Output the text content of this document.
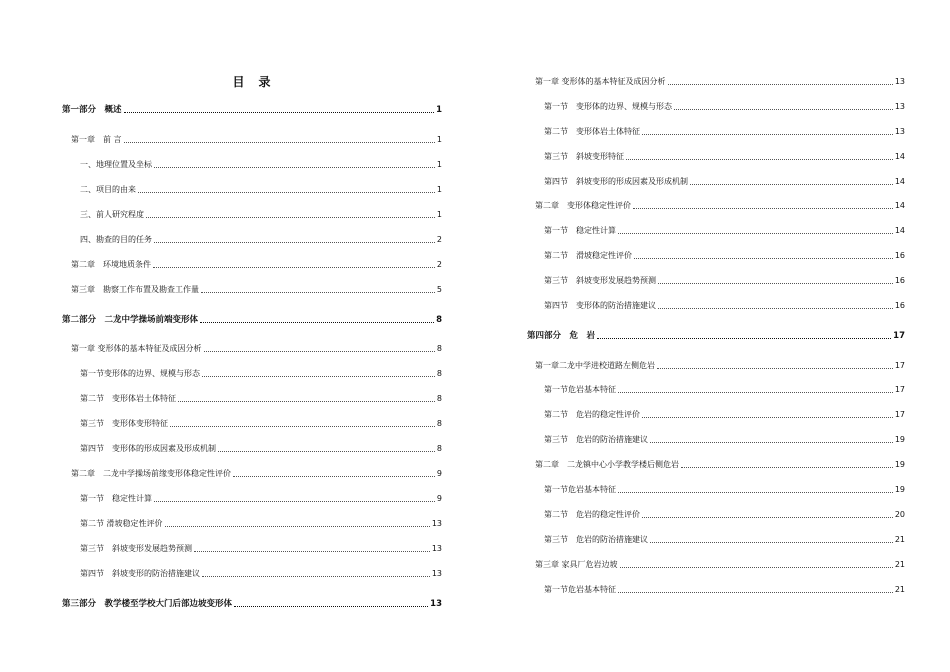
目　录
第一部分　概述	1
第一章　前 言	1
一、地理位置及坐标	1
二、项目的由来	1
三、前人研究程度	1
四、勘查的目的任务	2
第二章　环境地质条件	2
第三章　勘察工作布置及勘查工作量	5
第二部分　二龙中学操场前端变形体	8
第一章 变形体的基本特征及成因分析	8
第一节变形体的边界、规模与形态	8
第二节　变形体岩土体特征	8
第三节　变形体变形特征	8
第四节　变形体的形成因素及形成机制	8
第二章　二龙中学操场前缘变形体稳定性评价	9
第一节　稳定性计算	9
第二节 滑坡稳定性评价	13
第三节　斜坡变形发展趋势预测	13
第四节　斜坡变形的防治措施建议	13
第三部分　教学楼至学校大门后部边坡变形体	13
第一章 变形体的基本特征及成因分析	13
第一节　变形体的边界、规模与形态	13
第二节　变形体岩土体特征	13
第三节　斜坡变形特征	14
第四节　斜坡变形的形成因素及形成机制	14
第二章　变形体稳定性评价	14
第一节　稳定性计算	14
第二节　滑坡稳定性评价	16
第三节　斜坡变形发展趋势预测	16
第四节　变形体的防治措施建议	16
第四部分　危　岩	17
第一章二龙中学进校道路左侧危岩	17
第一节危岩基本特征	17
第二节　危岩的稳定性评价	17
第三节　危岩的防治措施建议	19
第二章　二龙镇中心小学教学楼后侧危岩	19
第一节危岩基本特征	19
第二节　危岩的稳定性评价	20
第三节　危岩的防治措施建议	21
第三章 家具厂危岩边坡	21
第一节危岩基本特征	21
